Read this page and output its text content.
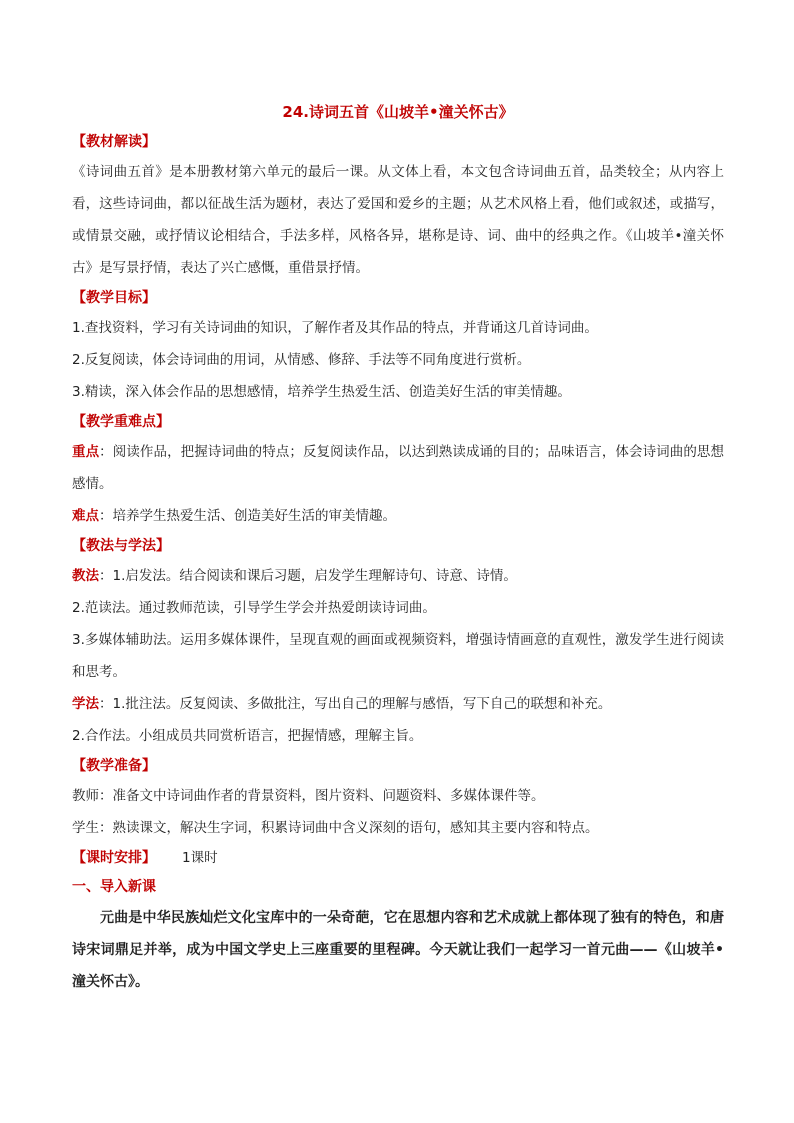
24.诗词五首《山坡羊•潼关怀古》

【教材解读】

《诗词曲五首》是本册教材第六单元的最后一课。从文体上看，本文包含诗词曲五首，品类较全；从内容上看，这些诗词曲，都以征战生活为题材，表达了爱国和爱乡的主题；从艺术风格上看，他们或叙述，或描写，或情景交融，或抒情议论相结合，手法多样，风格各异，堪称是诗、词、曲中的经典之作。《山坡羊•潼关怀古》是写景抒情，表达了兴亡感慨，重借景抒情。

【教学目标】

1.查找资料，学习有关诗词曲的知识，了解作者及其作品的特点，并背诵这几首诗词曲。

2.反复阅读，体会诗词曲的用词，从情感、修辞、手法等不同角度进行赏析。

3.精读，深入体会作品的思想感情，培养学生热爱生活、创造美好生活的审美情趣。

【教学重难点】

重点：阅读作品，把握诗词曲的特点；反复阅读作品，以达到熟读成诵的目的；品味语言，体会诗词曲的思想感情。

难点：培养学生热爱生活、创造美好生活的审美情趣。

【教法与学法】

教法：1.启发法。结合阅读和课后习题，启发学生理解诗句、诗意、诗情。

2.范读法。通过教师范读，引导学生学会并热爱朗读诗词曲。

3.多媒体辅助法。运用多媒体课件，呈现直观的画面或视频资料，增强诗情画意的直观性，激发学生进行阅读和思考。

学法：1.批注法。反复阅读、多做批注，写出自己的理解与感悟，写下自己的联想和补充。

2.合作法。小组成员共同赏析语言，把握情感，理解主旨。

【教学准备】

教师：准备文中诗词曲作者的背景资料，图片资料、问题资料、多媒体课件等。

学生：熟读课文，解决生字词，积累诗词曲中含义深刻的语句，感知其主要内容和特点。

【课时安排】 1课时

一、导入新课

元曲是中华民族灿烂文化宝库中的一朵奇葩，它在思想内容和艺术成就上都体现了独有的特色，和唐诗宋词鼎足并举，成为中国文学史上三座重要的里程碑。今天就让我们一起学习一首元曲——《山坡羊•潼关怀古》。
